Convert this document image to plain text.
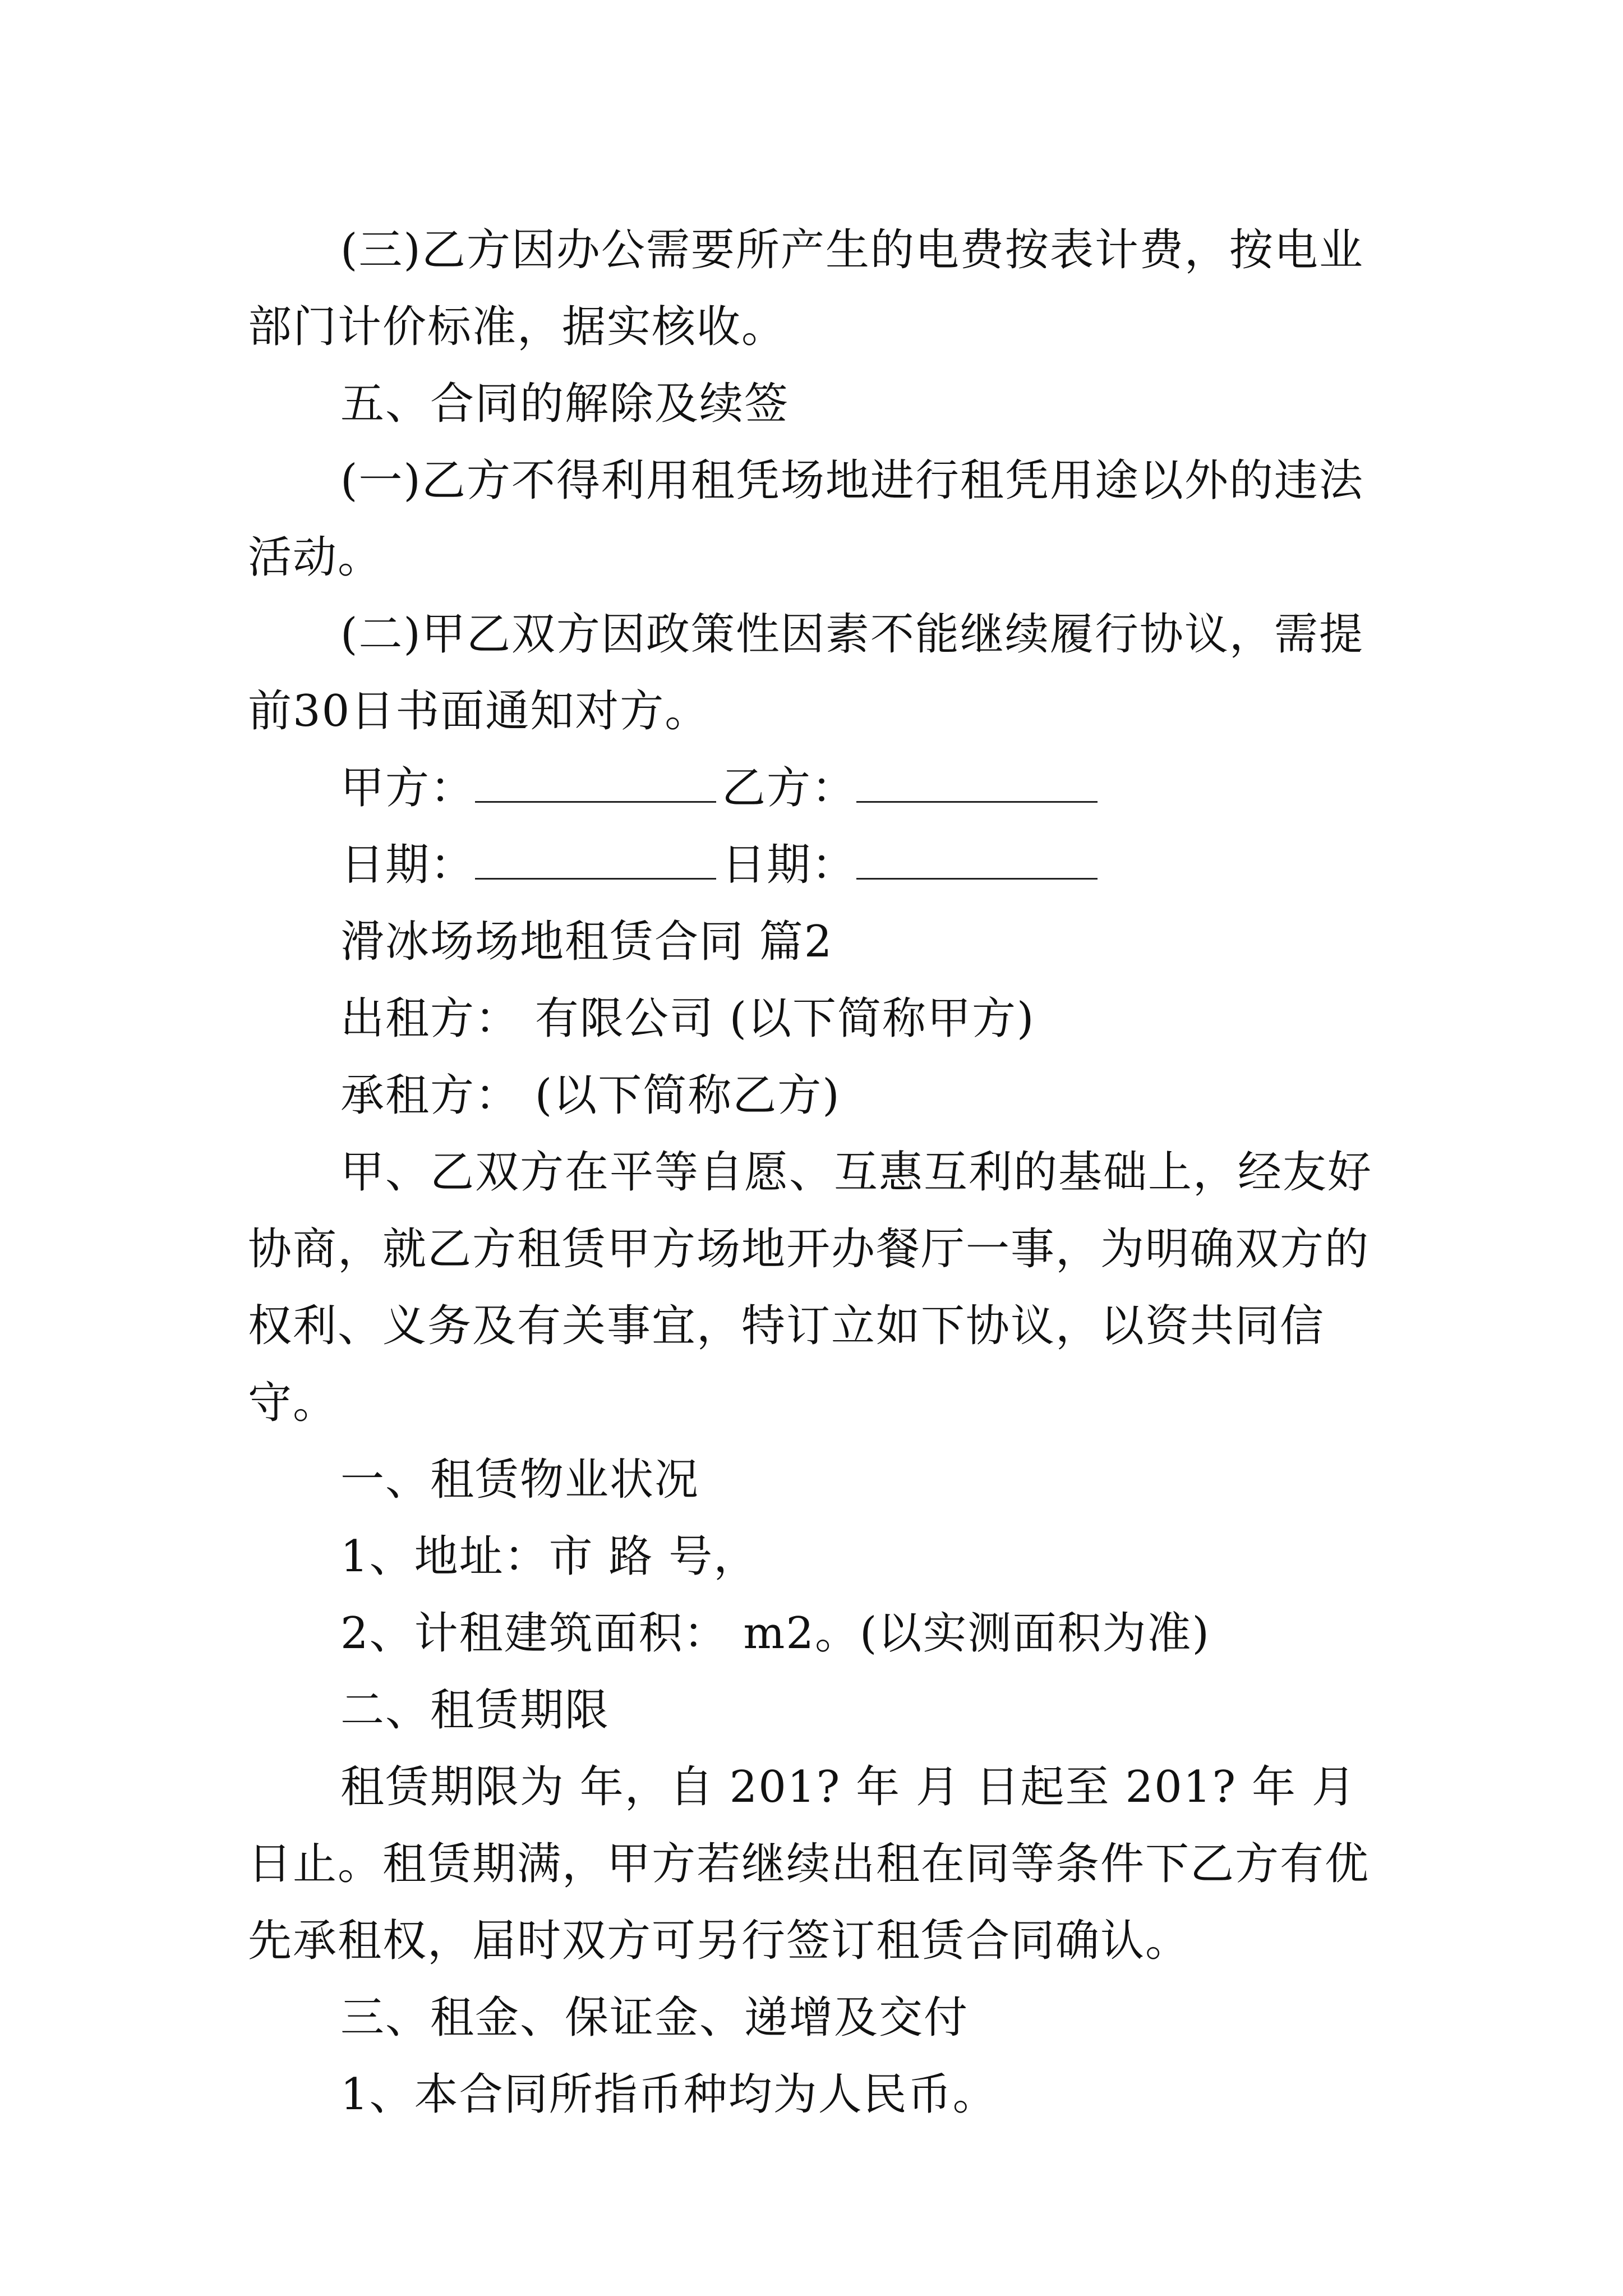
(三)乙方因办公需要所产生的电费按表计费，按电业部门计价标准，据实核收。

五、合同的解除及续签

(一)乙方不得利用租凭场地进行租凭用途以外的违法活动。

(二)甲乙双方因政策性因素不能继续履行协议，需提前30日书面通知对方。

甲方：	乙方：
日期：	日期：

滑冰场场地租赁合同 篇2

出租方： 有限公司 (以下简称甲方)

承租方： (以下简称乙方)

甲、乙双方在平等自愿、互惠互利的基础上，经友好协商，就乙方租赁甲方场地开办餐厅一事，为明确双方的权利、义务及有关事宜，特订立如下协议，以资共同信守。

一、租赁物业状况

1、地址：市 路 号，

2、计租建筑面积： m2。(以实测面积为准)

二、租赁期限

租赁期限为 年，自 201? 年 月 日起至 201? 年 月日止。租赁期满，甲方若继续出租在同等条件下乙方有优先承租权，届时双方可另行签订租赁合同确认。

三、租金、保证金、递增及交付

1、本合同所指币种均为人民币。
